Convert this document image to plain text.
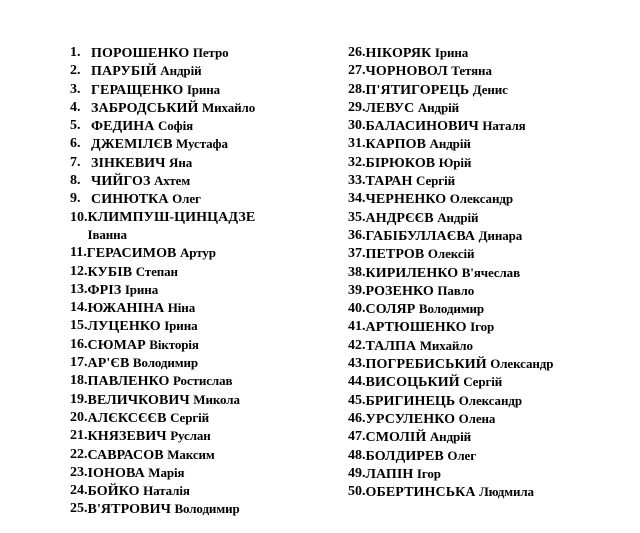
1. ПОРОШЕНКО Петро
2. ПАРУБІЙ Андрій
3. ГЕРАЩЕНКО Ірина
4. ЗАБРОДСЬКИЙ Михайло
5. ФЕДИНА Софія
6. ДЖЕМІЛЄВ Мустафа
7. ЗІНКЕВИЧ Яна
8. ЧИЙГОЗ Ахтем
9. СИНЮТКА Олег
10. КЛИМПУШ-ЦИНЦАДЗЕ
Іванна
11. ГЕРАСИМОВ Артур
12. КУБІВ Степан
13. ФРІЗ Ірина
14. ЮЖАНІНА Ніна
15. ЛУЦЕНКО Ірина
16. СЮМАР Вікторія
17. АР'ЄВ Володимир
18. ПАВЛЕНКО Ростислав
19. ВЕЛИЧКОВИЧ Микола
20. АЛЄКСЄЄВ Сергій
21. КНЯЗЕВИЧ Руслан
22. САВРАСОВ Максим
23. ІОНОВА Марія
24. БОЙКО Наталія
25. В'ЯТРОВИЧ Володимир
26. НІКОРЯК Ірина
27. ЧОРНОВОЛ Тетяна
28. П'ЯТИГОРЕЦЬ Денис
29. ЛЕВУС Андрій
30. БАЛАСИНОВИЧ Наталя
31. КАРПОВ Андрій
32. БІРЮКОВ Юрій
33. ТАРАН Сергій
34. ЧЕРНЕНКО Олександр
35. АНДРЄЄВ Андрій
36. ГАБІБУЛЛАЄВА Динара
37. ПЕТРОВ Олексій
38. КИРИЛЕНКО В'ячеслав
39. РОЗЕНКО Павло
40. СОЛЯР Володимир
41. АРТЮШЕНКО Ігор
42. ТАЛПА Михайло
43. ПОГРЕБИСЬКИЙ Олександр
44. ВИСОЦЬКИЙ Сергій
45. БРИГИНЕЦЬ Олександр
46. УРСУЛЕНКО Олена
47. СМОЛІЙ Андрій
48. БОЛДИРЕВ Олег
49. ЛАПІН Ігор
50. ОБЕРТИНСЬКА Людмила
